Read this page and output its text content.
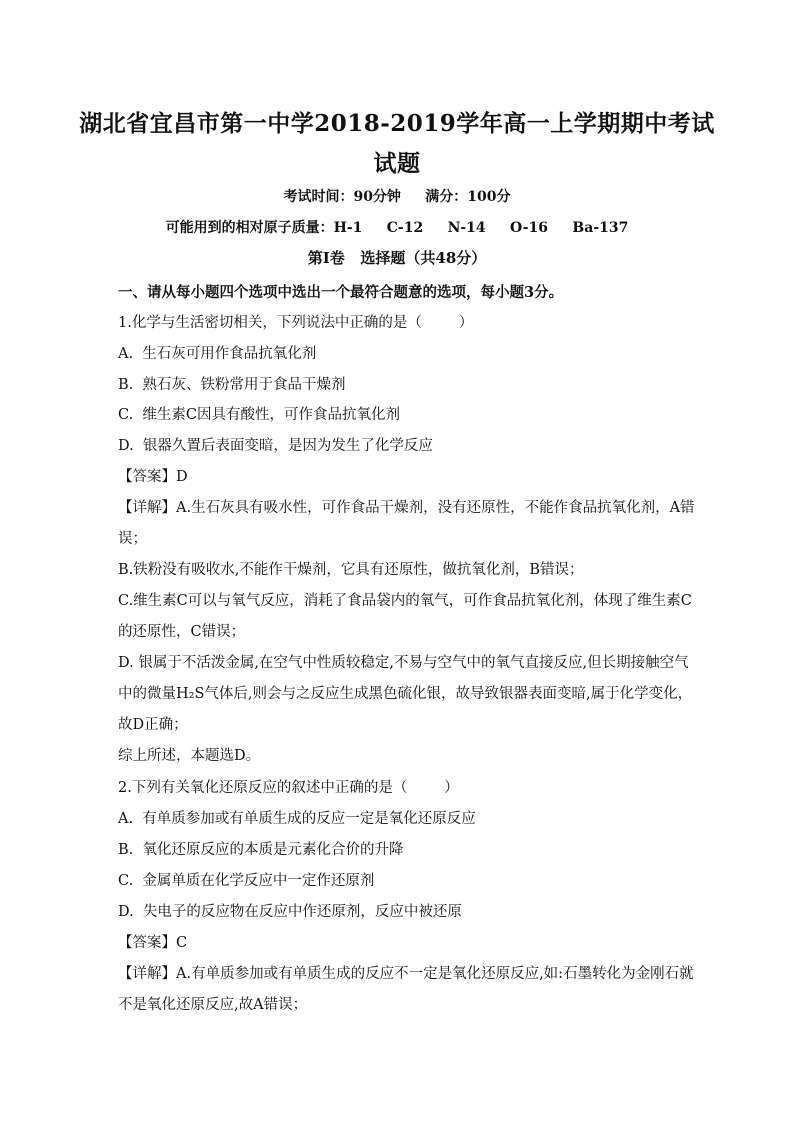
湖北省宜昌市第一中学2018-2019学年高一上学期期中考试
试题
考试时间：90分钟     满分：100分
可能用到的相对原子质量：H-1     C-12     N-14     O-16     Ba-137
第I卷   选择题（共48分）
一、请从每小题四个选项中选出一个最符合题意的选项，每小题3分。
1.化学与生活密切相关，下列说法中正确的是（        ）
A.  生石灰可用作食品抗氧化剂
B.  熟石灰、铁粉常用于食品干燥剂
C.  维生素C因具有酸性，可作食品抗氧化剂
D.  银器久置后表面变暗，是因为发生了化学反应
【答案】D
【详解】A.生石灰具有吸水性，可作食品干燥剂，没有还原性，不能作食品抗氧化剂，A错
误；
B.铁粉没有吸收水,不能作干燥剂，它具有还原性，做抗氧化剂，B错误；
C.维生素C可以与氧气反应，消耗了食品袋内的氧气，可作食品抗氧化剂，体现了维生素C
的还原性，C错误；
D. 银属于不活泼金属,在空气中性质较稳定,不易与空气中的氧气直接反应,但长期接触空气
中的微量H₂S气体后,则会与之反应生成黑色硫化银，故导致银器表面变暗,属于化学变化，
故D正确；
综上所述，本题选D。
2.下列有关氧化还原反应的叙述中正确的是（        ）
A.  有单质参加或有单质生成的反应一定是氧化还原反应
B.  氧化还原反应的本质是元素化合价的升降
C.  金属单质在化学反应中一定作还原剂
D.  失电子的反应物在反应中作还原剂，反应中被还原
【答案】C
【详解】A.有单质参加或有单质生成的反应不一定是氧化还原反应,如:石墨转化为金刚石就
不是氧化还原反应,故A错误；
